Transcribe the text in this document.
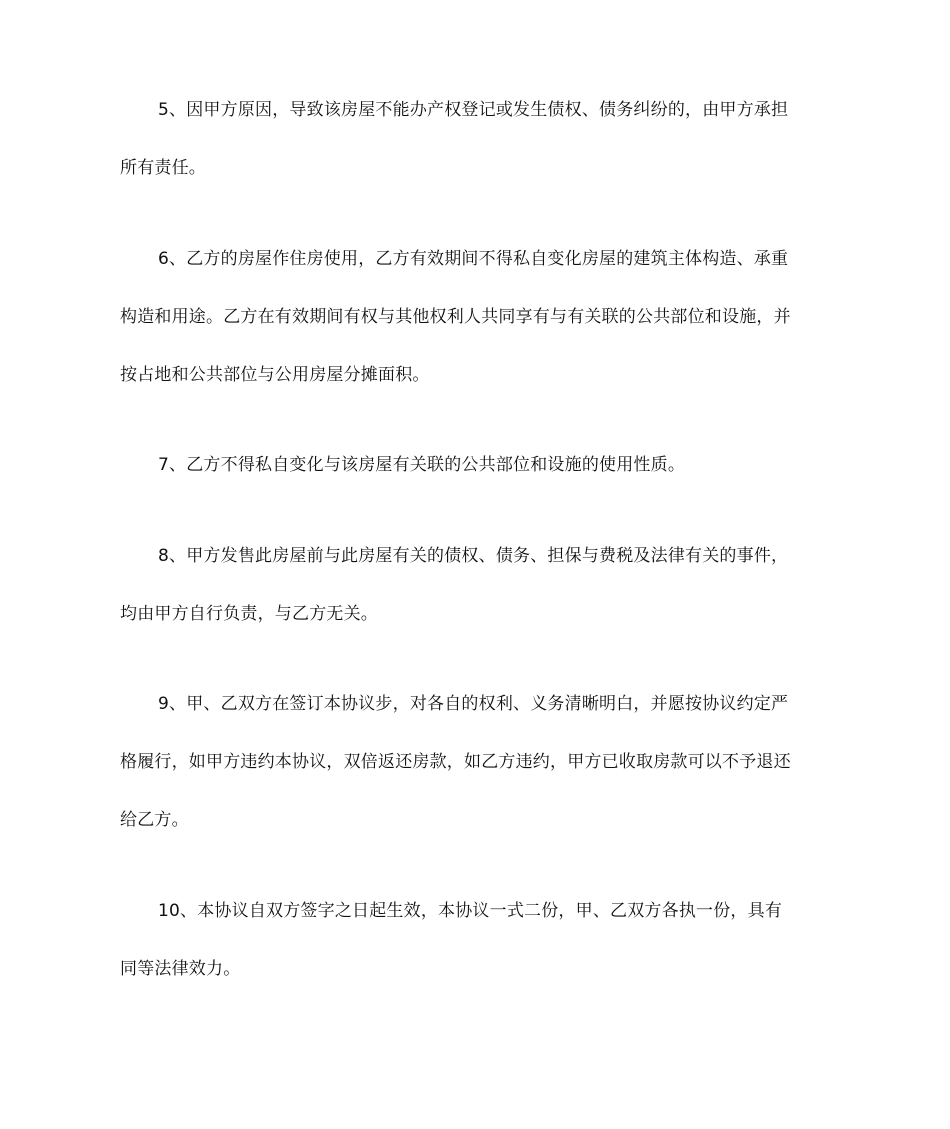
5、因甲方原因，导致该房屋不能办产权登记或发生债权、债务纠纷的，由甲方承担
所有责任。

6、乙方的房屋作住房使用，乙方有效期间不得私自变化房屋的建筑主体构造、承重
构造和用途。乙方在有效期间有权与其他权利人共同享有与有关联的公共部位和设施，并
按占地和公共部位与公用房屋分摊面积。

7、乙方不得私自变化与该房屋有关联的公共部位和设施的使用性质。

8、甲方发售此房屋前与此房屋有关的债权、债务、担保与费税及法律有关的事件，
均由甲方自行负责，与乙方无关。

9、甲、乙双方在签订本协议步，对各自的权利、义务清晰明白，并愿按协议约定严
格履行，如甲方违约本协议，双倍返还房款，如乙方违约，甲方已收取房款可以不予退还
给乙方。

10、本协议自双方签字之日起生效，本协议一式二份，甲、乙双方各执一份，具有
同等法律效力。
